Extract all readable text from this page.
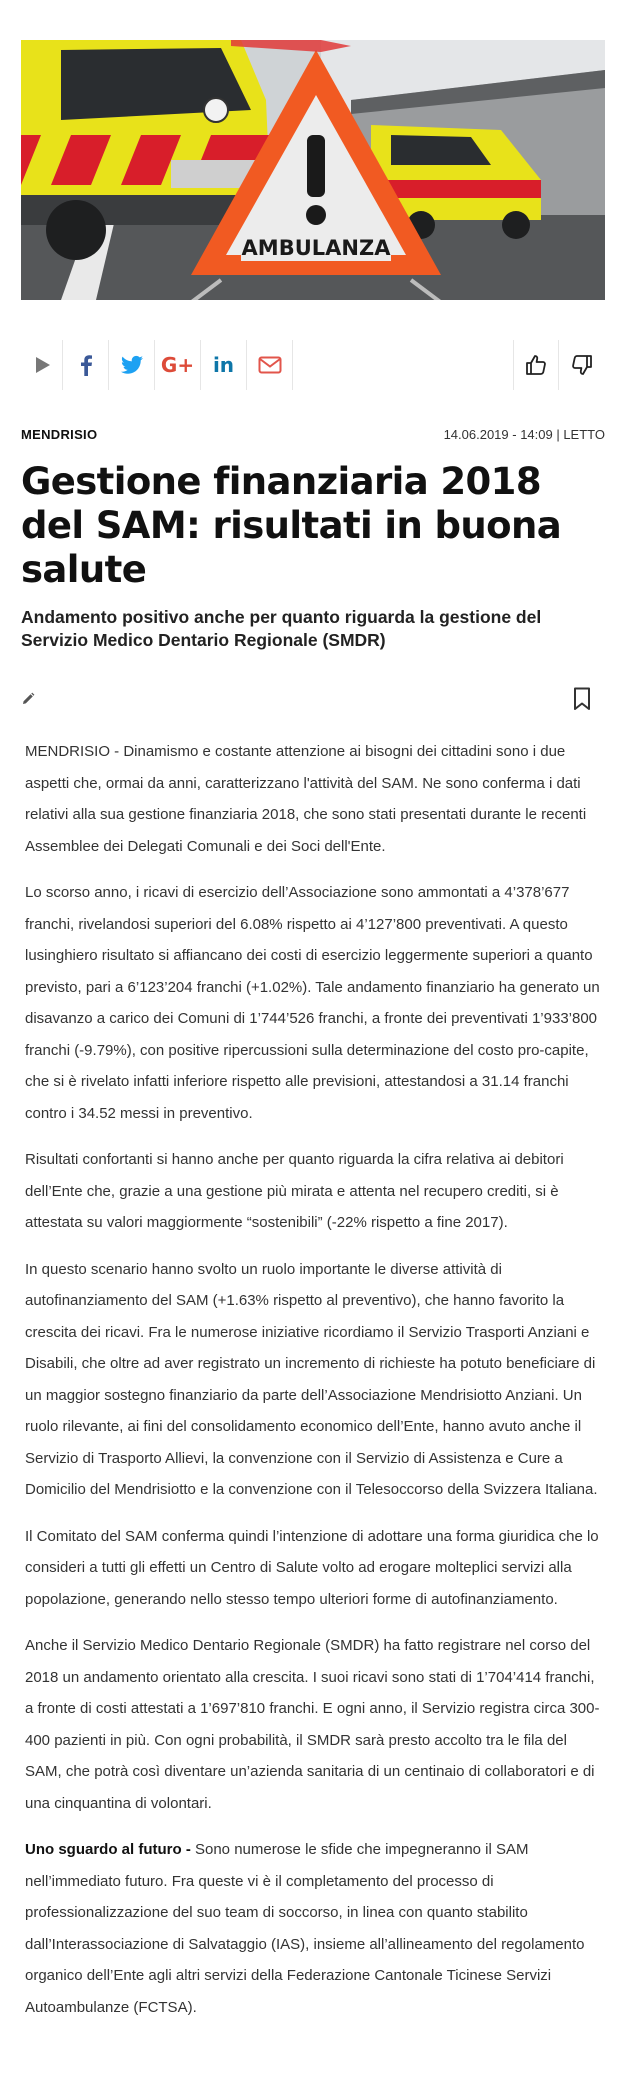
AMBULANZA
G+ in
MENDRISIO	14.06.2019 - 14:09 | LETTO
Gestione finanziaria 2018 del SAM: risultati in buona salute
Andamento positivo anche per quanto riguarda la gestione del Servizio Medico Dentario Regionale (SMDR)

MENDRISIO - Dinamismo e costante attenzione ai bisogni dei cittadini sono i due aspetti che, ormai da anni, caratterizzano l'attività del SAM. Ne sono conferma i dati relativi alla sua gestione finanziaria 2018, che sono stati presentati durante le recenti Assemblee dei Delegati Comunali e dei Soci dell'Ente.

Lo scorso anno, i ricavi di esercizio dell’Associazione sono ammontati a 4’378’677 franchi, rivelandosi superiori del 6.08% rispetto ai 4’127’800 preventivati. A questo lusinghiero risultato si affiancano dei costi di esercizio leggermente superiori a quanto previsto, pari a 6’123’204 franchi (+1.02%). Tale andamento finanziario ha generato un disavanzo a carico dei Comuni di 1’744’526 franchi, a fronte dei preventivati 1’933’800 franchi (-9.79%), con positive ripercussioni sulla determinazione del costo pro-capite, che si è rivelato infatti inferiore rispetto alle previsioni, attestandosi a 31.14 franchi contro i 34.52 messi in preventivo.

Risultati confortanti si hanno anche per quanto riguarda la cifra relativa ai debitori dell’Ente che, grazie a una gestione più mirata e attenta nel recupero crediti, si è attestata su valori maggiormente “sostenibili” (-22% rispetto a fine 2017).

In questo scenario hanno svolto un ruolo importante le diverse attività di autofinanziamento del SAM (+1.63% rispetto al preventivo), che hanno favorito la crescita dei ricavi. Fra le numerose iniziative ricordiamo il Servizio Trasporti Anziani e Disabili, che oltre ad aver registrato un incremento di richieste ha potuto beneficiare di un maggior sostegno finanziario da parte dell’Associazione Mendrisiotto Anziani. Un ruolo rilevante, ai fini del consolidamento economico dell’Ente, hanno avuto anche il Servizio di Trasporto Allievi, la convenzione con il Servizio di Assistenza e Cure a Domicilio del Mendrisiotto e la convenzione con il Telesoccorso della Svizzera Italiana.

Il Comitato del SAM conferma quindi l’intenzione di adottare una forma giuridica che lo consideri a tutti gli effetti un Centro di Salute volto ad erogare molteplici servizi alla popolazione, generando nello stesso tempo ulteriori forme di autofinanziamento.

Anche il Servizio Medico Dentario Regionale (SMDR) ha fatto registrare nel corso del 2018 un andamento orientato alla crescita. I suoi ricavi sono stati di 1’704’414 franchi, a fronte di costi attestati a 1’697’810 franchi. E ogni anno, il Servizio registra circa 300-400 pazienti in più. Con ogni probabilità, il SMDR sarà presto accolto tra le fila del SAM, che potrà così diventare un’azienda sanitaria di un centinaio di collaboratori e di una cinquantina di volontari.

Uno sguardo al futuro - Sono numerose le sfide che impegneranno il SAM nell’immediato futuro. Fra queste vi è il completamento del processo di professionalizzazione del suo team di soccorso, in linea con quanto stabilito dall’Interassociazione di Salvataggio (IAS), insieme all’allineamento del regolamento organico dell’Ente agli altri servizi della Federazione Cantonale Ticinese Servizi Autoambulanze (FCTSA).
